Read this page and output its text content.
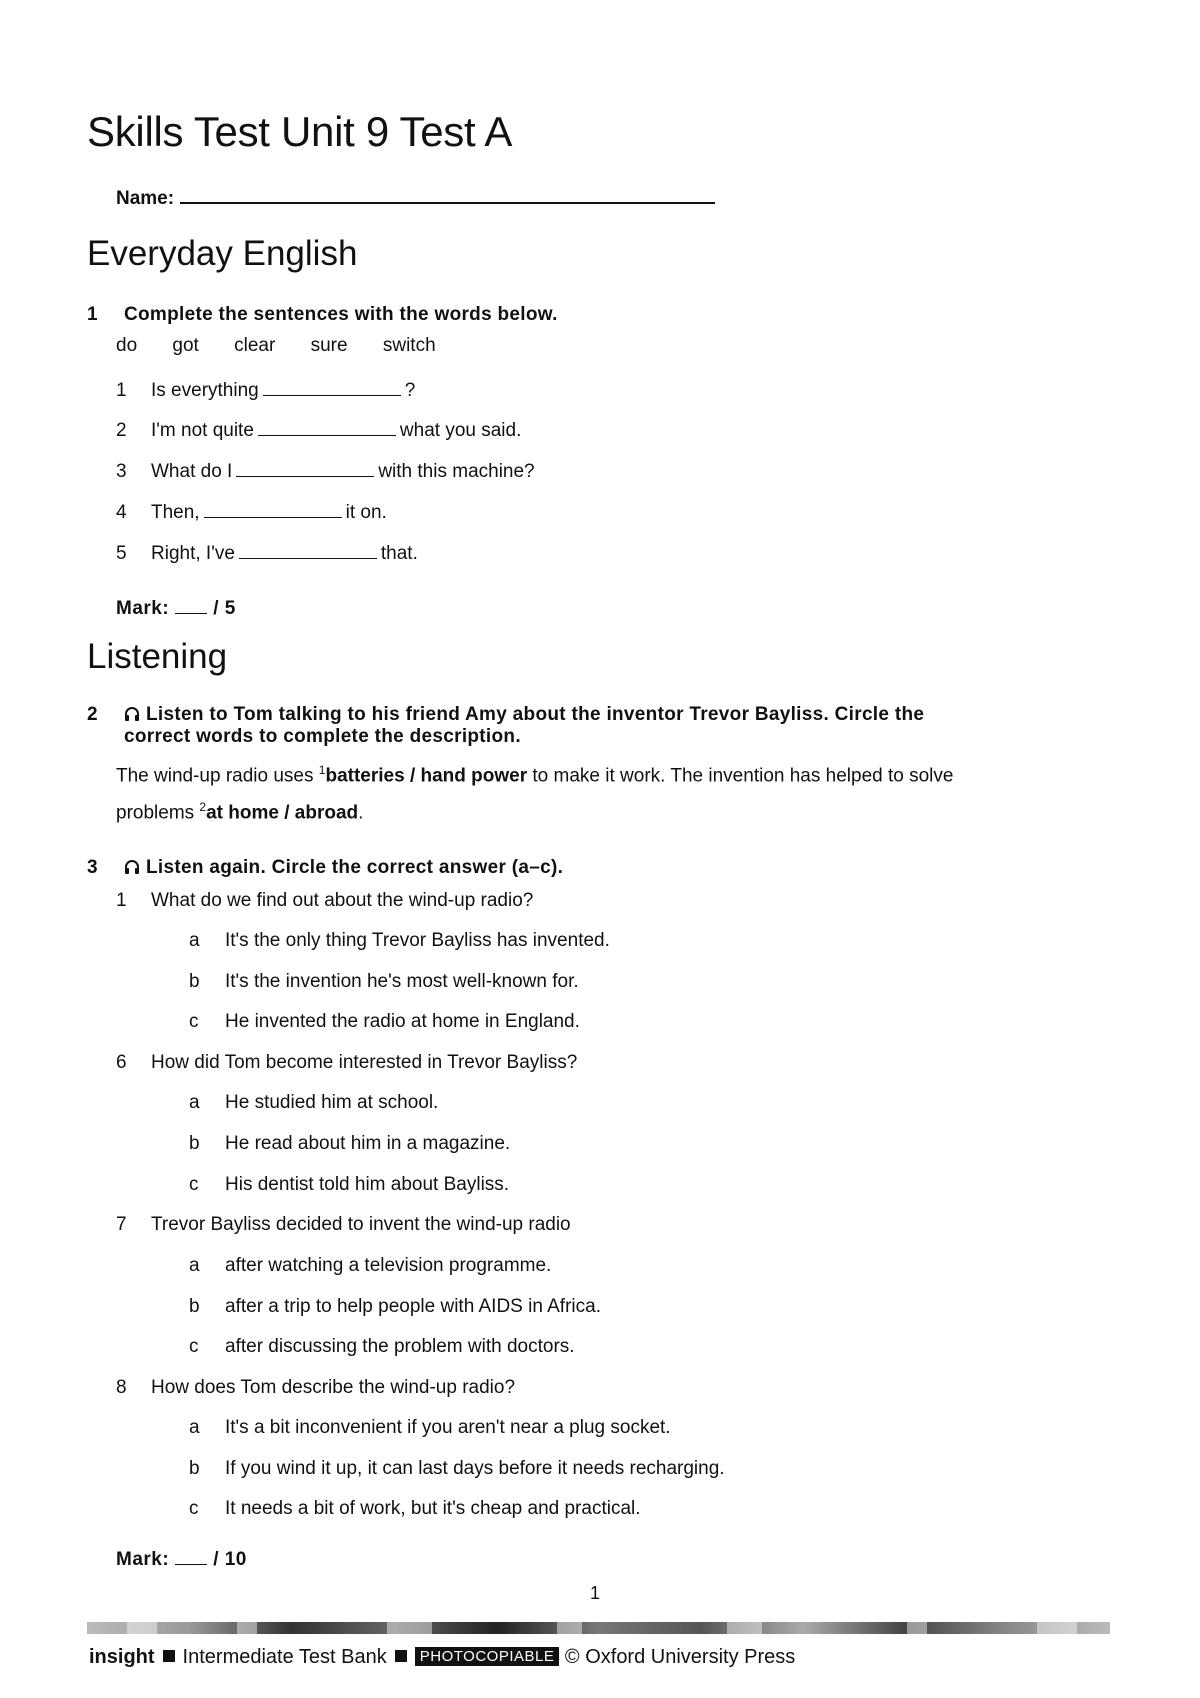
Skills Test Unit 9 Test A
Name:
Everyday English
1 Complete the sentences with the words below.
do got clear sure switch
1 Is everything	?
2 I'm not quite	what you said.
3 What do I	with this machine?
4 Then,	it on.
5 Right, I've	that.
Mark: / 5
Listening
2	Listen to Tom talking to his friend Amy about the inventor Trevor Bayliss. Circle the
correct words to complete the description.
The wind-up radio uses $^1$batteries / hand power to make it work. The invention has helped to solve
problems $^2$at home / abroad.
3	Listen again. Circle the correct answer (a–c).
1 What do we find out about the wind-up radio?
a It's the only thing Trevor Bayliss has invented.
b It's the invention he's most well-known for.
c He invented the radio at home in England.
6 How did Tom become interested in Trevor Bayliss?
a He studied him at school.
b He read about him in a magazine.
c His dentist told him about Bayliss.
7 Trevor Bayliss decided to invent the wind-up radio
a after watching a television programme.
b after a trip to help people with AIDS in Africa.
c after discussing the problem with doctors.
8 How does Tom describe the wind-up radio?
a It's a bit inconvenient if you aren't near a plug socket.
b If you wind it up, it can last days before it needs recharging.
c It needs a bit of work, but it's cheap and practical.
Mark: / 10
1
insight Intermediate Test Bank PHOTOCOPIABLE © Oxford University Press
